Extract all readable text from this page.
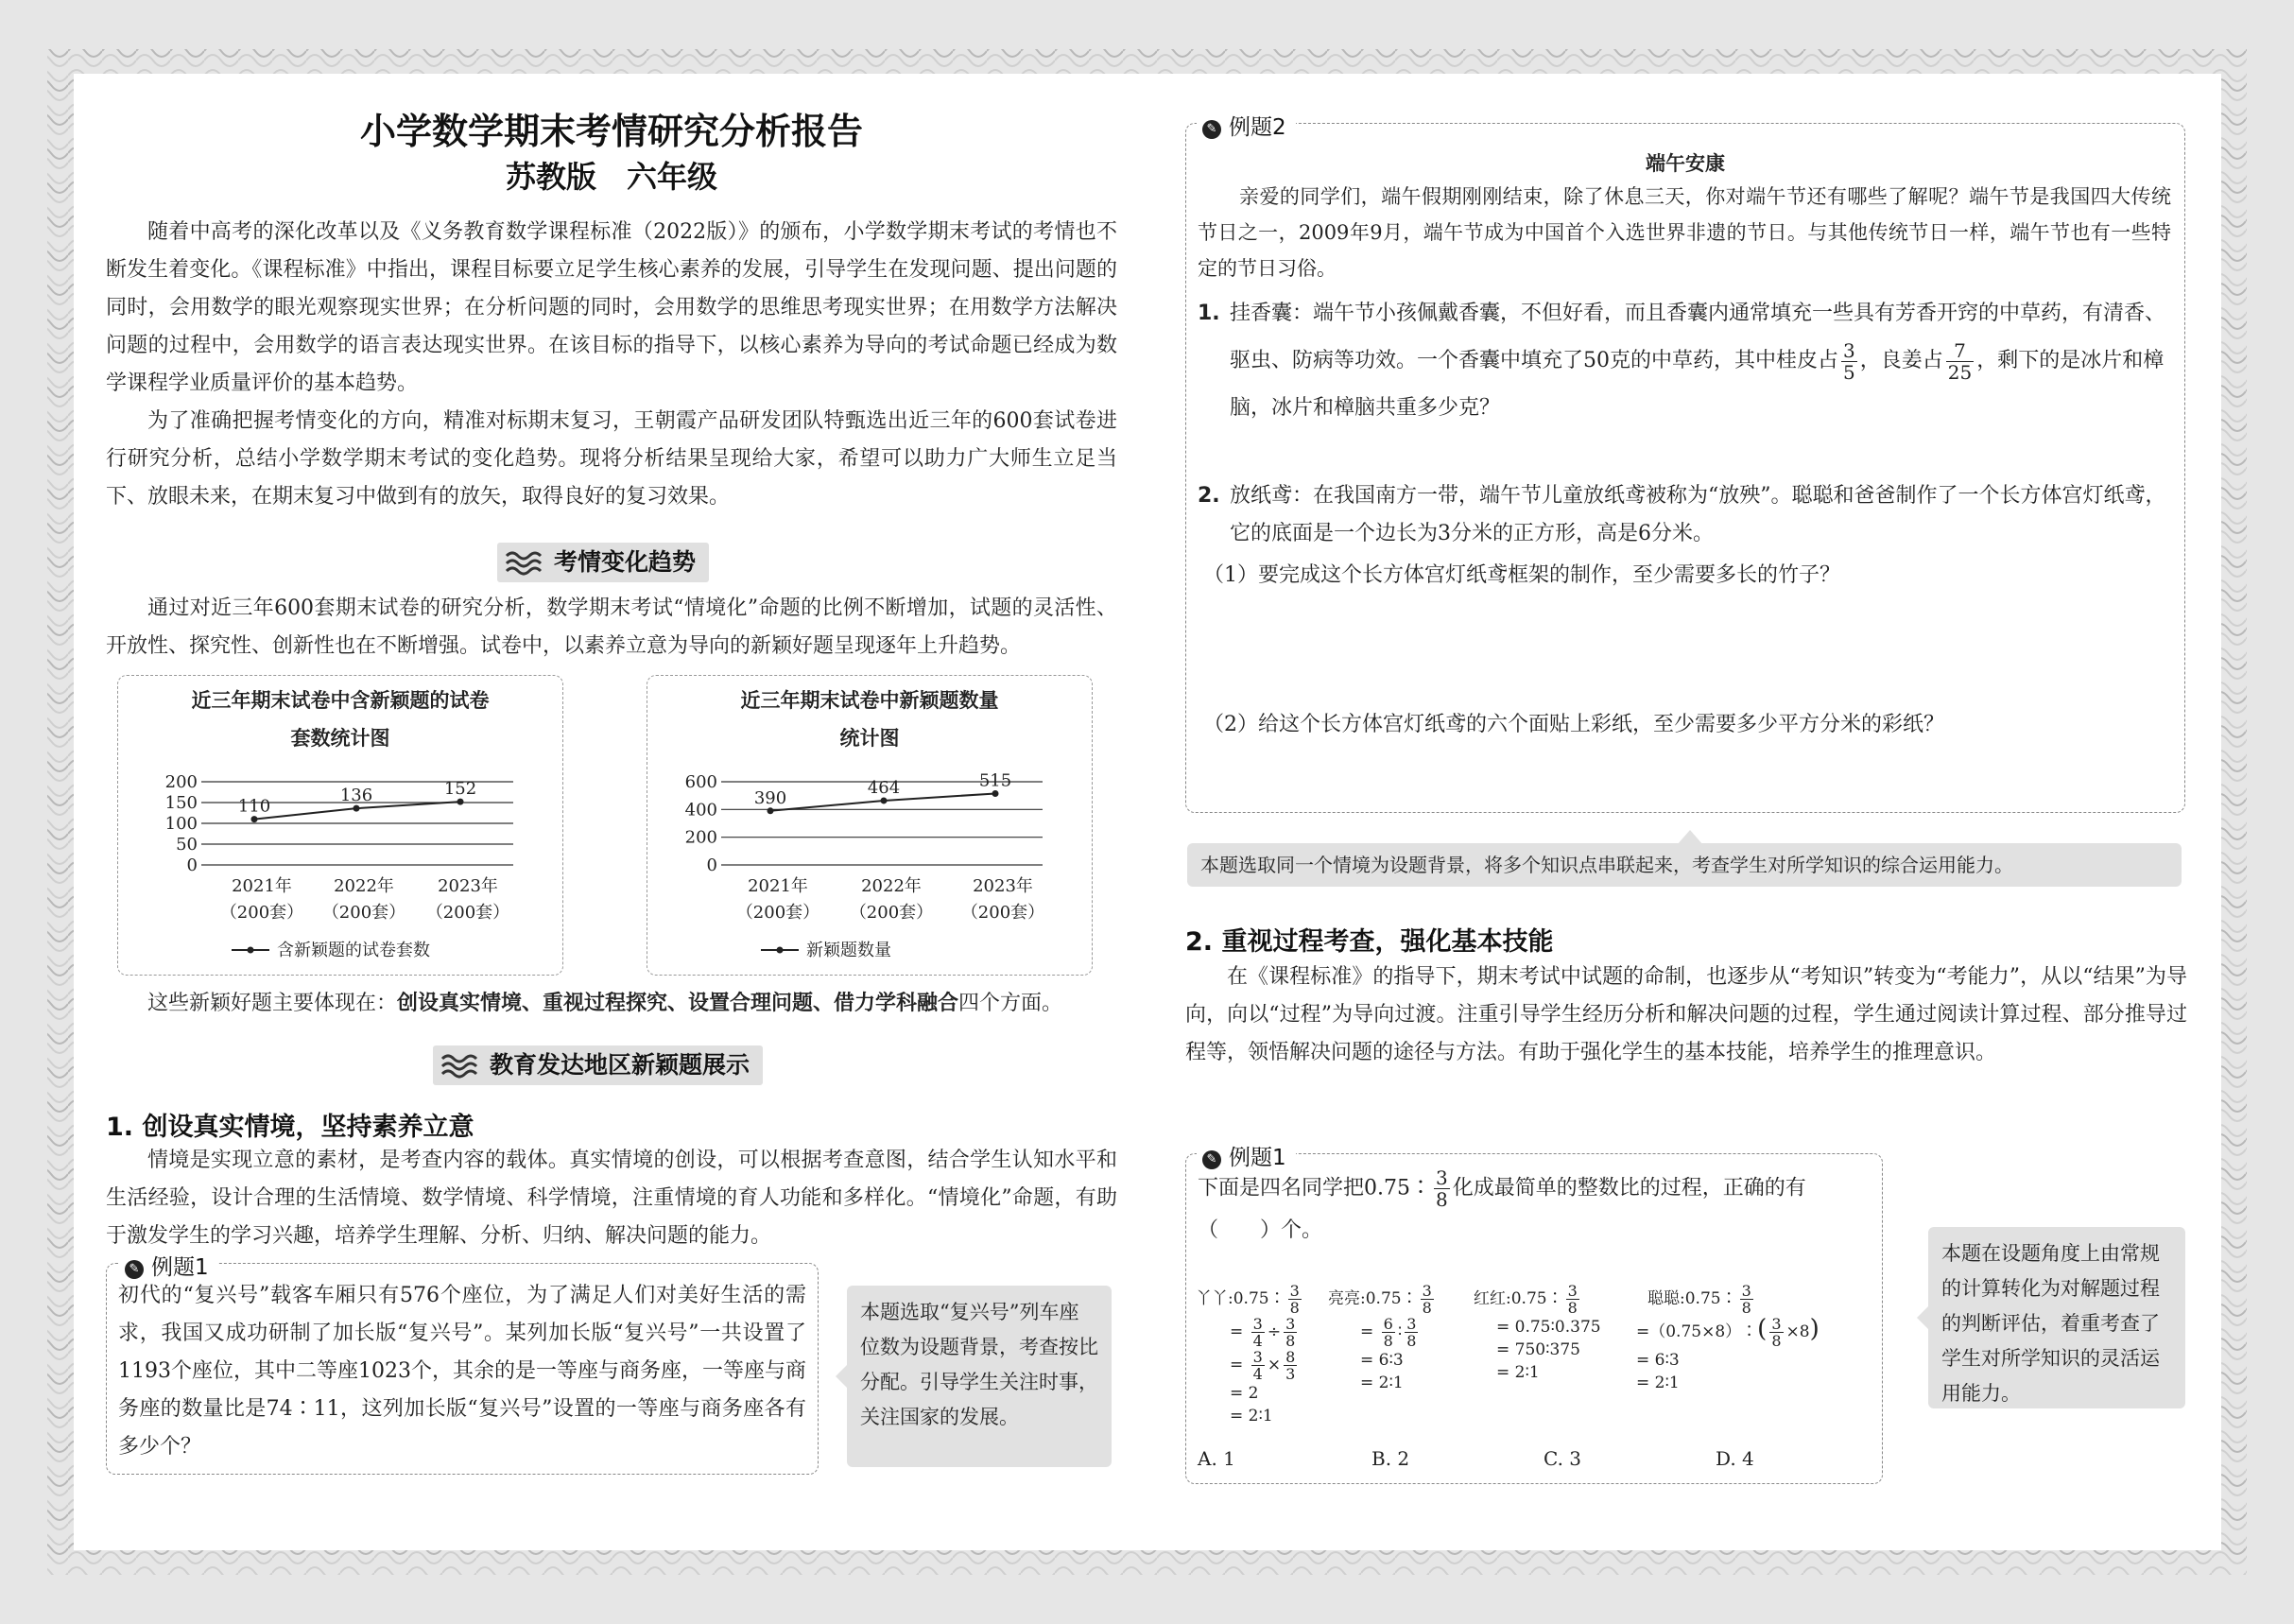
小学数学期末考情研究分析报告
苏教版　六年级

随着中高考的深化改革以及《义务教育数学课程标准（2022版）》的颁布，小学数学期末考试的考情也不断发生着变化。《课程标准》中指出，课程目标要立足学生核心素养的发展，引导学生在发现问题、提出问题的同时，会用数学的眼光观察现实世界；在分析问题的同时，会用数学的思维思考现实世界；在用数学方法解决问题的过程中，会用数学的语言表达现实世界。在该目标的指导下，以核心素养为导向的考试命题已经成为数学课程学业质量评价的基本趋势。

为了准确把握考情变化的方向，精准对标期末复习，王朝霞产品研发团队特甄选出近三年的600套试卷进行研究分析，总结小学数学期末考试的变化趋势。现将分析结果呈现给大家，希望可以助力广大师生立足当下、放眼未来，在期末复习中做到有的放矢，取得良好的复习效果。

考情变化趋势

通过对近三年600套期末试卷的研究分析，数学期末考试“情境化”命题的比例不断增加，试题的灵活性、开放性、探究性、创新性也在不断增强。试卷中，以素养立意为导向的新颖好题呈现逐年上升趋势。

近三年期末试卷中含新颖题的试卷
套数统计图
200
150
100
50
0
110
136	152
2021年
（200套）
2022年
（200套）
2023年
（200套）
含新颖题的试卷套数
近三年期末试卷中新颖题数量
统计图
600
400
200
0
390
464	515
2021年
（200套）
2022年
（200套）
2023年
（200套）
新颖题数量
这些新颖好题主要体现在：创设真实情境、重视过程探究、设置合理问题、借力学科融合四个方面。
教育发达地区新颖题展示
1. 创设真实情境，坚持素养立意

情境是实现立意的素材，是考查内容的载体。真实情境的创设，可以根据考查意图，结合学生认知水平和生活经验，设计合理的生活情境、数学情境、科学情境，注重情境的育人功能和多样化。“情境化”命题，有助于激发学生的学习兴趣，培养学生理解、分析、归纳、解决问题的能力。

初代的“复兴号”载客车厢只有576个座位，为了满足人们对美好生活的需求，我国又成功研制了加长版“复兴号”。某列加长版“复兴号”一共设置了1193个座位，其中二等座1023个，其余的是一等座与商务座，一等座与商务座的数量比是74∶11，这列加长版“复兴号”设置的一等座与商务座各有多少个？
✎ 例题1
本题选取“复兴号”列车座位数为设题背景，考查按比分配。引导学生关注时事，关注国家的发展。
端午安康

亲爱的同学们，端午假期刚刚结束，除了休息三天，你对端午节还有哪些了解呢？端午节是我国四大传统节日之一，2009年9月，端午节成为中国首个入选世界非遗的节日。与其他传统节日一样，端午节也有一些特定的节日习俗。

1. 挂香囊：端午节小孩佩戴香囊，不但好看，而且香囊内通常填充一些具有芳香开窍的中草药，有清香、驱虫、防病等功效。一个香囊中填充了50克的中草药，其中桂皮占 $\frac{3}{5}$ ，良姜占 $\frac{7}{25}$ ，剩下的是冰片和樟脑，冰片和樟脑共重多少克？
2. 放纸鸢：在我国南方一带，端午节儿童放纸鸢被称为“放殃”。聪聪和爸爸制作了一个长方体宫灯纸鸢，它的底面是一个边长为3分米的正方形，高是6分米。
（1）要完成这个长方体宫灯纸鸢框架的制作，至少需要多长的竹子？
（2）给这个长方体宫灯纸鸢的六个面贴上彩纸，至少需要多少平方分米的彩纸？
✎ 例题2
本题选取同一个情境为设题背景，将多个知识点串联起来，考查学生对所学知识的综合运用能力。
2. 重视过程考查，强化基本技能

在《课程标准》的指导下，期末考试中试题的命制，也逐步从“考知识”转变为“考能力”，从以“结果”为导向，向以“过程”为导向过渡。注重引导学生经历分析和解决问题的过程，学生通过阅读计算过程、部分推导过程等，领悟解决问题的途径与方法。有助于强化学生的基本技能，培养学生的推理意识。

下面是四名同学把0.75∶ $\frac{3}{8}$ 化成最简单的整数比的过程，正确的有（　　）个。
丫丫:0.75∶ $\frac{3}{8}$
= $\frac{3}{4} \div \frac{3}{8}$
= $\frac{3}{4} \times \frac{8}{3}$
= 2
= 2∶1
亮亮:0.75∶ $\frac{3}{8}$
= $\frac{6}{8}$ ∶ $\frac{3}{8}$
= 6∶3
= 2∶1
红红:0.75∶ $\frac{3}{8}$
= 0.75∶0.375
= 750∶375
= 2∶1
聪聪:0.75∶ $\frac{3}{8}$
=（0.75×8）∶( $\frac{3}{8} \times 8$)
= 6∶3
= 2∶1
A. 1	B. 2	C. 3	D. 4
✎ 例题1
本题在设题角度上由常规的计算转化为对解题过程的判断评估，着重考查了学生对所学知识的灵活运用能力。
